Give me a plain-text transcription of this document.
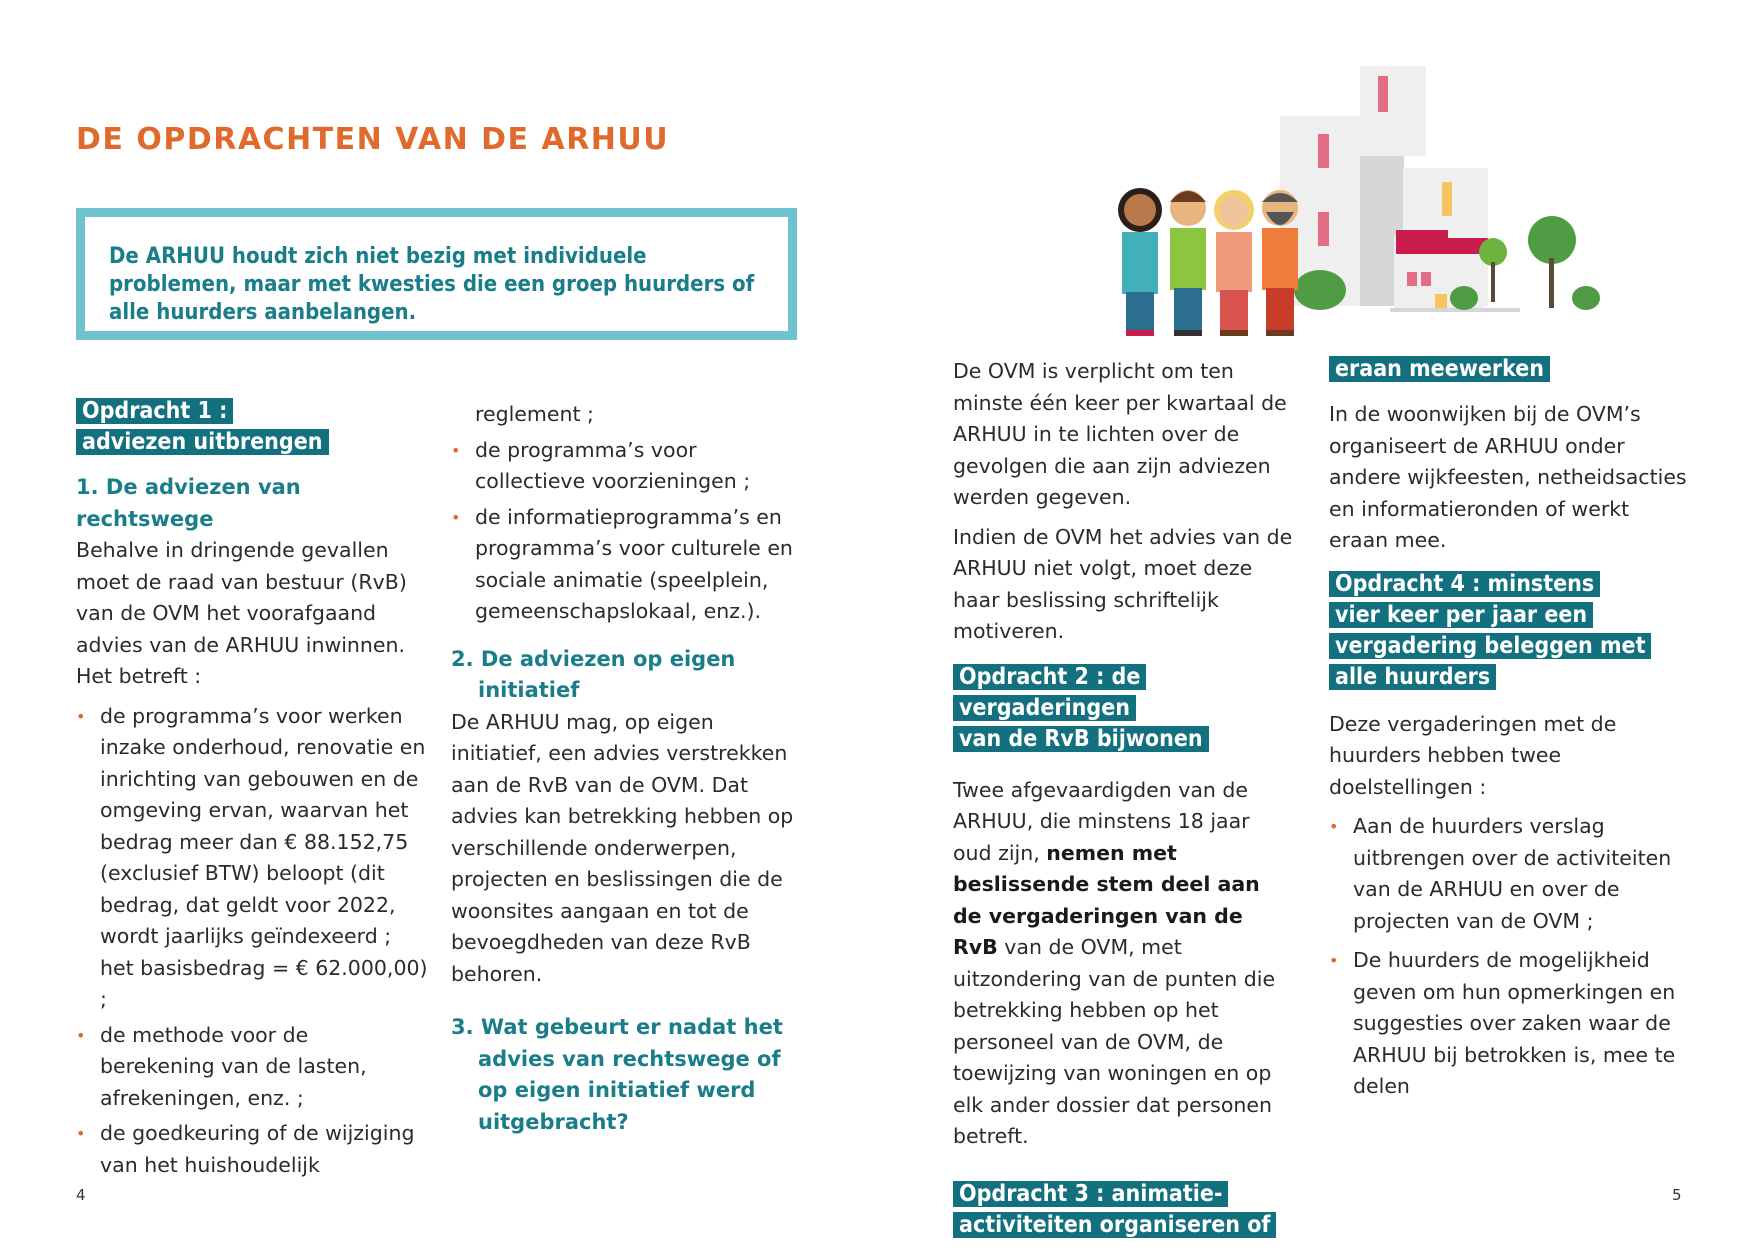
DE OPDRACHTEN VAN DE ARHUU

De ARHUU houdt zich niet bezig met individuele problemen, maar met kwesties die een groep huurders of alle huurders aanbelangen.

Opdracht 1 :
adviezen uitbrengen
1. De adviezen van rechtswege

Behalve in dringende gevallen moet de raad van bestuur (RvB) van de OVM het voorafgaand advies van de ARHUU inwinnen. Het betreft :

• de programma’s voor werken inzake onderhoud, renovatie en inrichting van gebouwen en de omgeving ervan, waarvan het bedrag meer dan € 88.152,75 (exclusief BTW) beloopt (dit bedrag, dat geldt voor 2022, wordt jaarlijks geïndexeerd ; het basisbedrag = € 62.000,00) ;
• de methode voor de berekening van de lasten, afrekeningen, enz. ;
• de goedkeuring of de wijziging van het huishoudelijk
reglement ;
• de programma’s voor collectieve voorzieningen ;
• de informatieprogramma’s en programma’s voor culturele en sociale animatie (speelplein, gemeenschapslokaal, enz.).
2. De adviezen op eigen initiatief

De ARHUU mag, op eigen initiatief, een advies verstrekken aan de RvB van de OVM. Dat advies kan betrekking hebben op verschillende onderwerpen, projecten en beslissingen die de woonsites aangaan en tot de bevoegdheden van deze RvB behoren.

3. Wat gebeurt er nadat het advies van rechtswege of op eigen initiatief werd uitgebracht?

De OVM is verplicht om ten minste één keer per kwartaal de ARHUU in te lichten over de gevolgen die aan zijn adviezen werden gegeven.

Indien de OVM het advies van de ARHUU niet volgt, moet deze haar beslissing schriftelijk motiveren.

Opdracht 2 : de vergaderingen
van de RvB bijwonen

Twee afgevaardigden van de ARHUU, die minstens 18 jaar oud zijn, nemen met beslissende stem deel aan de vergaderingen van de RvB van de OVM, met uitzondering van de punten die betrekking hebben op het personeel van de OVM, de toewijzing van woningen en op elk ander dossier dat personen betreft.

Opdracht 3 : animatie-
activiteiten organiseren of
eraan meewerken

In de woonwijken bij de OVM’s organiseert de ARHUU onder andere wijkfeesten, netheidsacties en informatieronden of werkt eraan mee.

Opdracht 4 : minstens
vier keer per jaar een
vergadering beleggen met
alle huurders

Deze vergaderingen met de huurders hebben twee doelstellingen :

• Aan de huurders verslag uitbrengen over de activiteiten van de ARHUU en over de projecten van de OVM ;
• De huurders de mogelijkheid geven om hun opmerkingen en suggesties over zaken waar de ARHUU bij betrokken is, mee te delen
4	5
